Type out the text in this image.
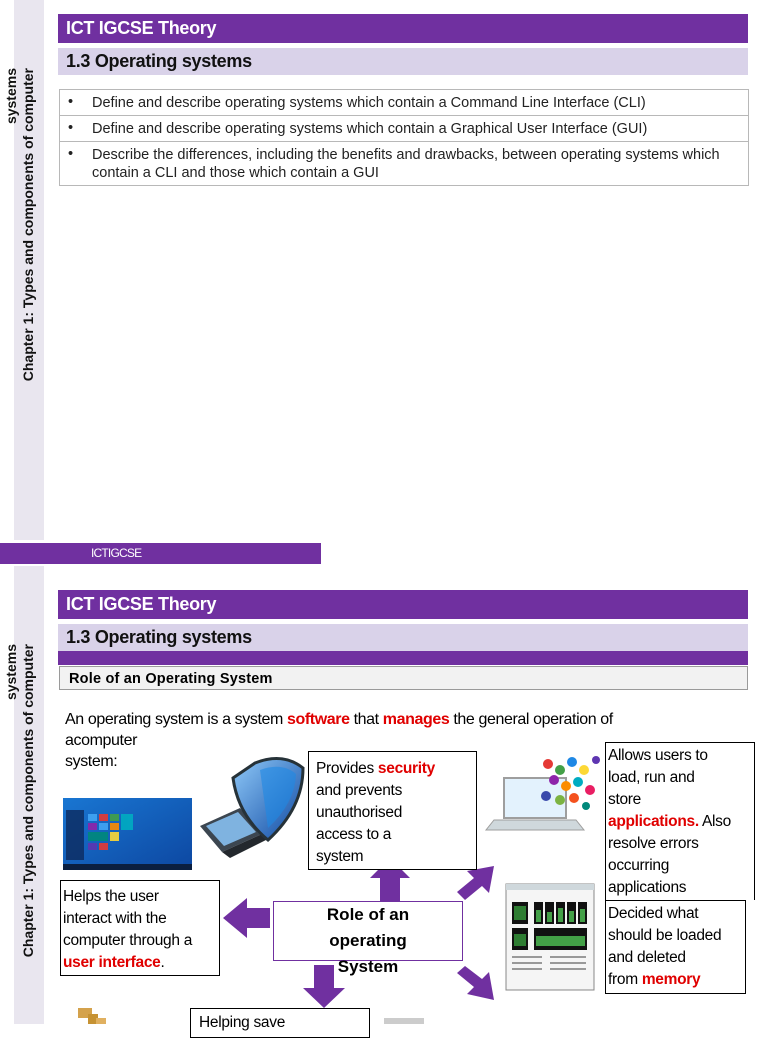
Chapter 1: Types and components of computer
systems
ICT IGCSE Theory
1.3 Operating systems
• Define and describe operating systems which contain a Command Line Interface (CLI)

• Define and describe operating systems which contain a Graphical User Interface (GUI)

• Describe the differences, including the benefits and drawbacks, between operating systems which contain a CLI and those which contain a GUI
ICTIGCSE
Chapter 1: Types and components of computer
systems
ICT IGCSE Theory
1.3 Operating systems
Role of an Operating System
An operating system is a system software that manages the general operation of
acomputer
system:	Provides security
and prevents
unauthorised
access to a
system
Allows users to
load, run and
store
applications. Also
resolve errors
occurring
applications
Helps the user
interact with the
computer through a
user interface.
Role of an
operating
System
Decided what
should be loaded
and deleted
from memory
Helping save
